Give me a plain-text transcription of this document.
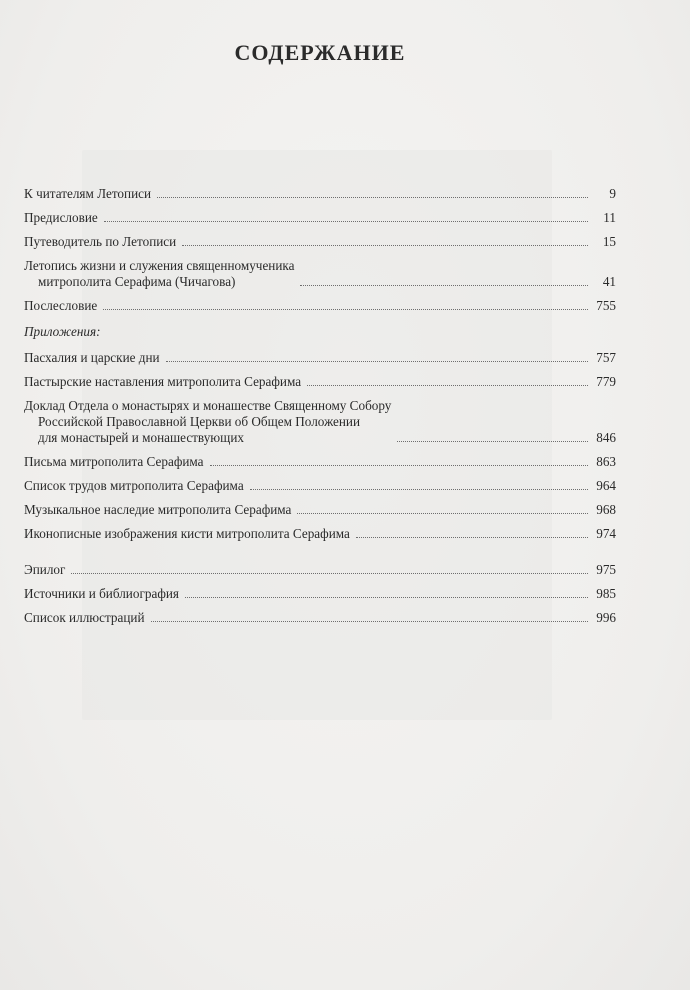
СОДЕРЖАНИЕ
К читателям Летописи	9
Предисловие	11
Путеводитель по Летописи	15
Летопись жизни и служения священномученика
митрополита Серафима (Чичагова)	41
Послесловие	755
Приложения:
Пасхалия и царские дни	757
Пастырские наставления митрополита Серафима	779
Доклад Отдела о монастырях и монашестве Священному Собору
Российской Православной Церкви об Общем Положении
для монастырей и монашествующих	846
Письма митрополита Серафима	863
Список трудов митрополита Серафима	964
Музыкальное наследие митрополита Серафима	968
Иконописные изображения кисти митрополита Серафима	974
Эпилог	975
Источники и библиография	985
Список иллюстраций	996
